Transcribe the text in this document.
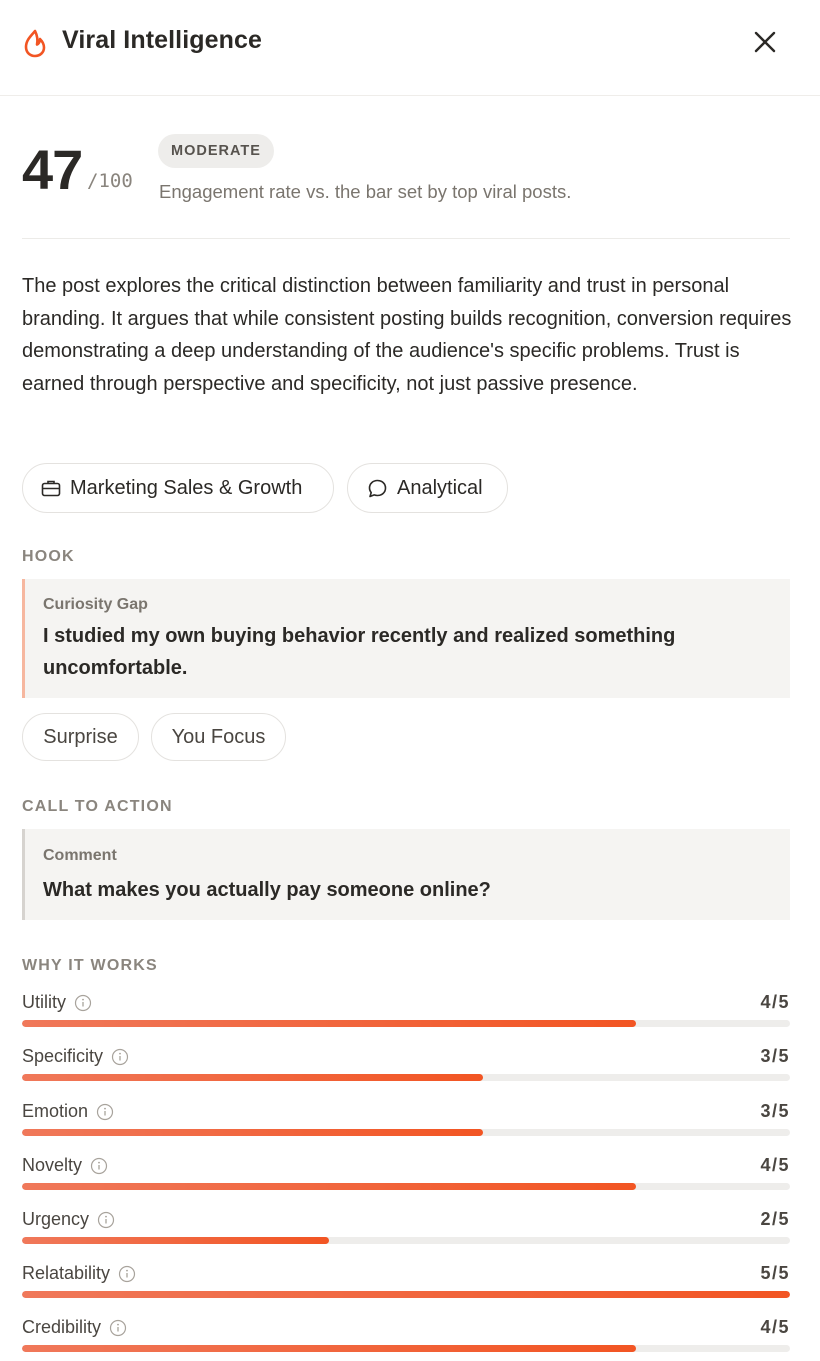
Viral Intelligence
47 /100
MODERATE
Engagement rate vs. the bar set by top viral posts.

The post explores the critical distinction between familiarity and trust in personal branding. It argues that while consistent posting builds recognition, conversion requires demonstrating a deep understanding of the audience's specific problems. Trust is earned through perspective and specificity, not just passive presence.

Marketing Sales & Growth	Analytical
HOOK
Curiosity Gap
I studied my own buying behavior recently and realized something uncomfortable.
Surprise	You Focus
CALL TO ACTION
Comment
What makes you actually pay someone online?
WHY IT WORKS
Utility	4/5
Specificity	3/5
Emotion	3/5
Novelty	4/5
Urgency	2/5
Relatability	5/5
Credibility	4/5
